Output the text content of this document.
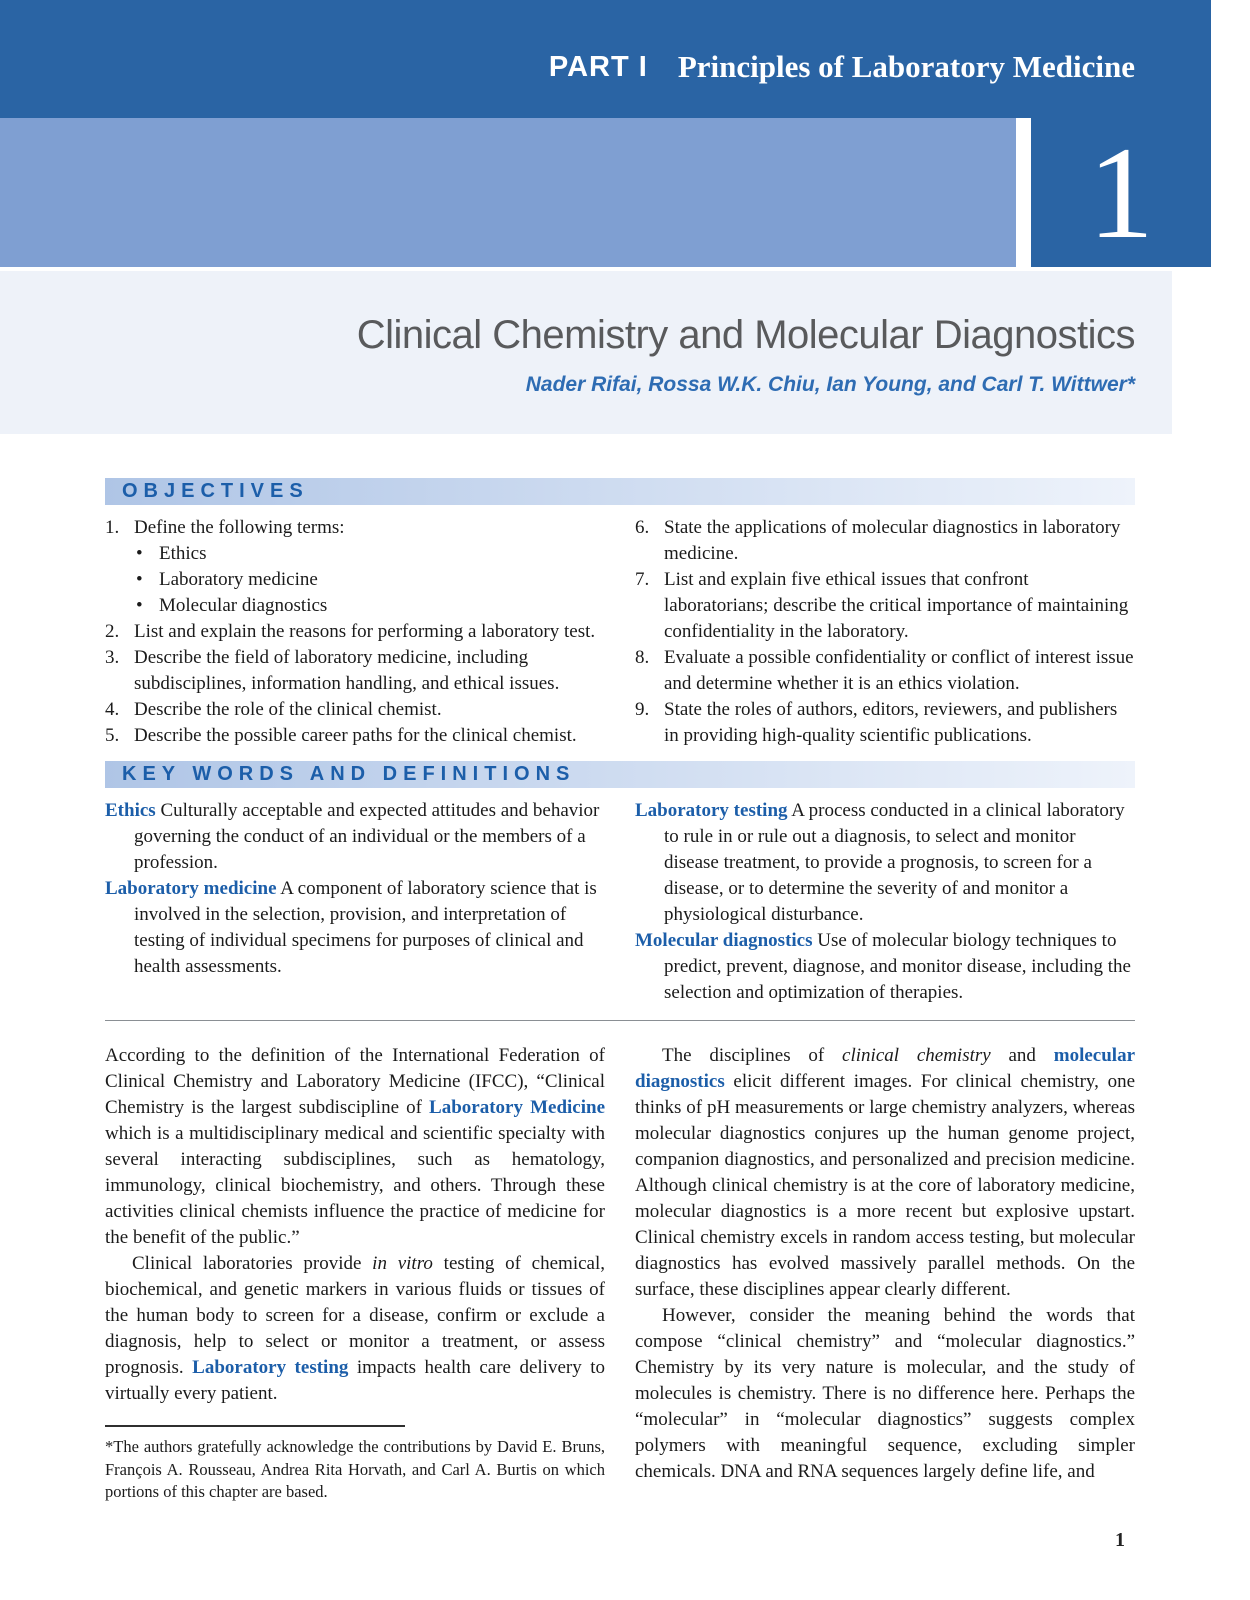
PART I Principles of Laboratory Medicine
1
Clinical Chemistry and Molecular Diagnostics

Nader Rifai, Rossa W.K. Chiu, Ian Young, and Carl T. Wittwer*

OBJECTIVES
1. Define the following terms:
• Ethics
• Laboratory medicine
• Molecular diagnostics
2. List and explain the reasons for performing a laboratory test.
3. Describe the field of laboratory medicine, including subdisciplines, information handling, and ethical issues.
4. Describe the role of the clinical chemist.
5. Describe the possible career paths for the clinical chemist.
6. State the applications of molecular diagnostics in laboratory medicine.
7. List and explain five ethical issues that confront laboratorians; describe the critical importance of maintaining confidentiality in the laboratory.
8. Evaluate a possible confidentiality or conflict of interest issue and determine whether it is an ethics violation.
9. State the roles of authors, editors, reviewers, and publishers in providing high-quality scientific publications.
KEY WORDS AND DEFINITIONS

Ethics Culturally acceptable and expected attitudes and behavior governing the conduct of an individual or the members of a profession.

Laboratory medicine A component of laboratory science that is involved in the selection, provision, and interpretation of testing of individual specimens for purposes of clinical and health assessments.

Laboratory testing A process conducted in a clinical laboratory to rule in or rule out a diagnosis, to select and monitor disease treatment, to provide a prognosis, to screen for a disease, or to determine the severity of and monitor a physiological disturbance.

Molecular diagnostics Use of molecular biology techniques to predict, prevent, diagnose, and monitor disease, including the selection and optimization of therapies.

According to the definition of the International Federation of Clinical Chemistry and Laboratory Medicine (IFCC), “Clinical Chemistry is the largest subdiscipline of Laboratory Medicine which is a multidisciplinary medical and scientific specialty with several interacting subdisciplines, such as hematology, immunology, clinical biochemistry, and others. Through these activities clinical chemists influence the practice of medicine for the benefit of the public.”

Clinical laboratories provide in vitro testing of chemical, biochemical, and genetic markers in various fluids or tissues of the human body to screen for a disease, confirm or exclude a diagnosis, help to select or monitor a treatment, or assess prognosis. Laboratory testing impacts health care delivery to virtually every patient.

*The authors gratefully acknowledge the contributions by David E. Bruns, François A. Rousseau, Andrea Rita Horvath, and Carl A. Burtis on which portions of this chapter are based.

The disciplines of clinical chemistry and molecular diagnostics elicit different images. For clinical chemistry, one thinks of pH measurements or large chemistry analyzers, whereas molecular diagnostics conjures up the human genome project, companion diagnostics, and personalized and precision medicine. Although clinical chemistry is at the core of laboratory medicine, molecular diagnostics is a more recent but explosive upstart. Clinical chemistry excels in random access testing, but molecular diagnostics has evolved massively parallel methods. On the surface, these disciplines appear clearly different.

However, consider the meaning behind the words that compose “clinical chemistry” and “molecular diagnostics.” Chemistry by its very nature is molecular, and the study of molecules is chemistry. There is no difference here. Perhaps the “molecular” in “molecular diagnostics” suggests complex polymers with meaningful sequence, excluding simpler chemicals. DNA and RNA sequences largely define life, and

1
